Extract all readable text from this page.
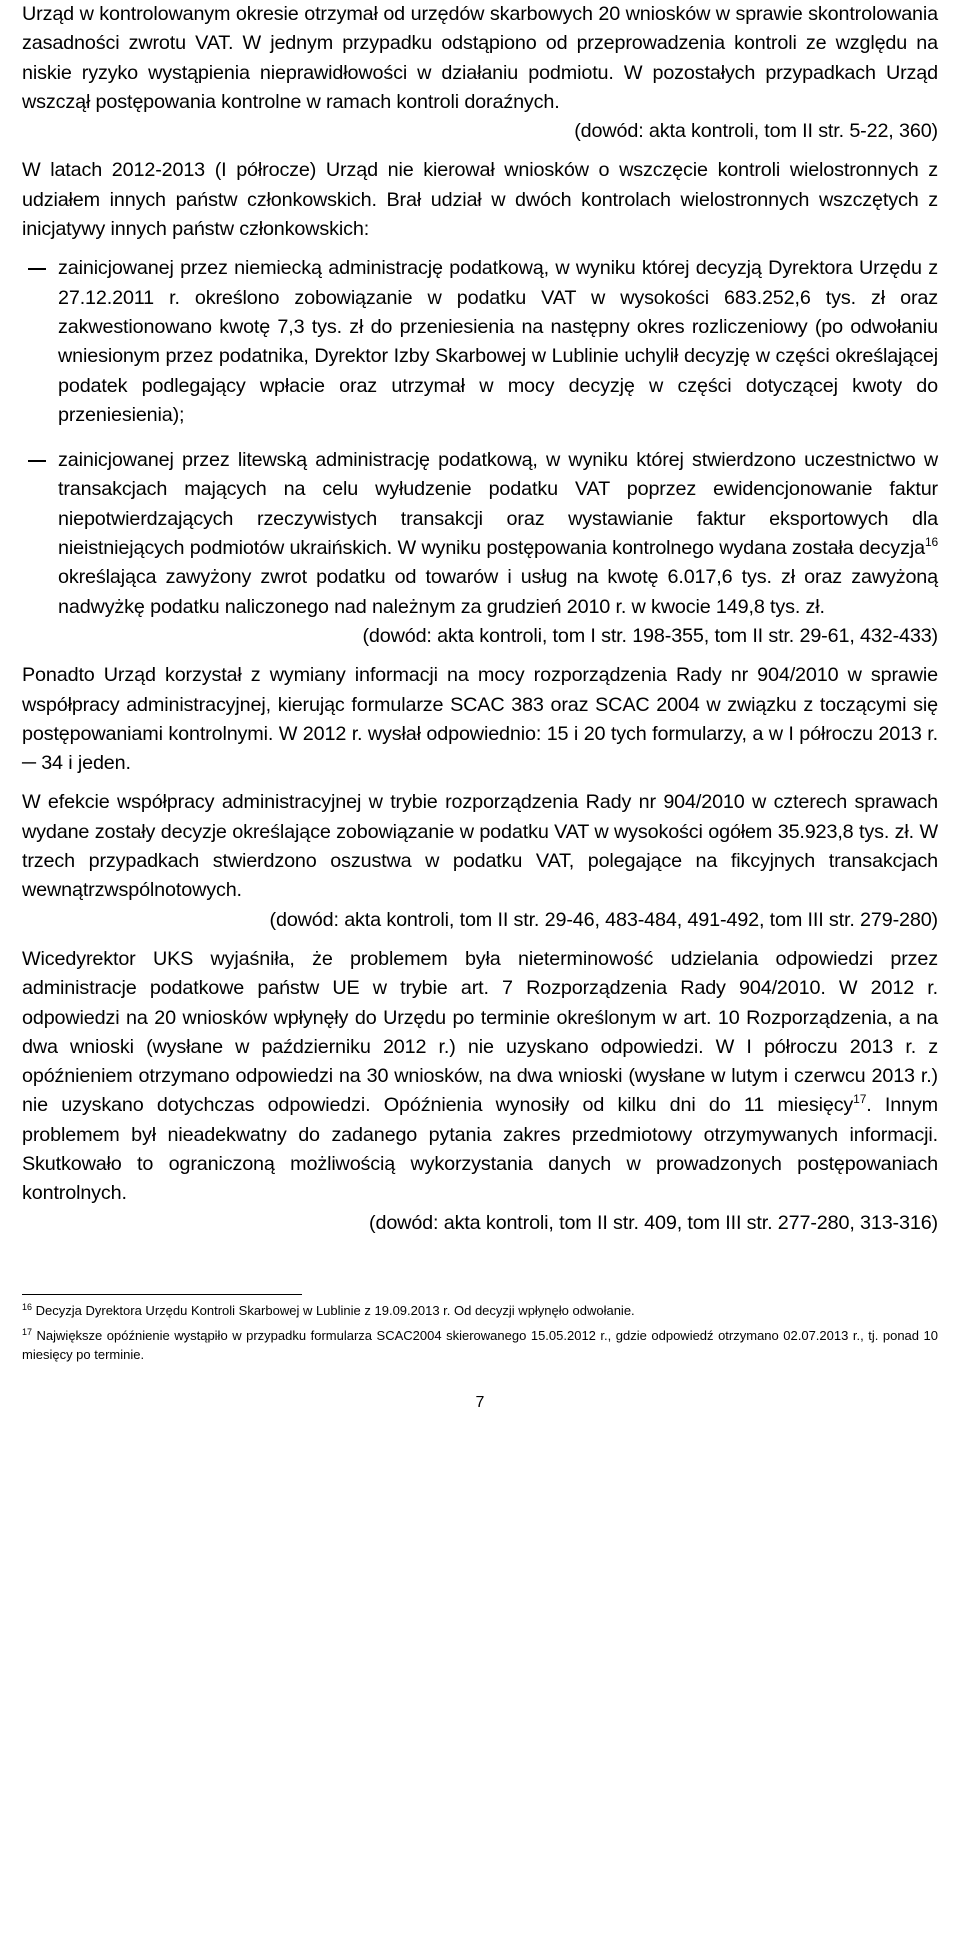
Urząd w kontrolowanym okresie otrzymał od urzędów skarbowych 20 wniosków w sprawie skontrolowania zasadności zwrotu VAT. W jednym przypadku odstąpiono od przeprowadzenia kontroli ze względu na niskie ryzyko wystąpienia nieprawidłowości w działaniu podmiotu. W pozostałych przypadkach Urząd wszczął postępowania kontrolne w ramach kontroli doraźnych.

(dowód: akta kontroli, tom II str. 5-22, 360)

W latach 2012-2013 (I półrocze) Urząd nie kierował wniosków o wszczęcie kontroli wielostronnych z udziałem innych państw członkowskich. Brał udział w dwóch kontrolach wielostronnych wszczętych z inicjatywy innych państw członkowskich:

zainicjowanej przez niemiecką administrację podatkową, w wyniku której decyzją Dyrektora Urzędu z 27.12.2011 r. określono zobowiązanie w podatku VAT w wysokości 683.252,6 tys. zł oraz zakwestionowano kwotę 7,3 tys. zł do przeniesienia na następny okres rozliczeniowy (po odwołaniu wniesionym przez podatnika, Dyrektor Izby Skarbowej w Lublinie uchylił decyzję w części określającej podatek podlegający wpłacie oraz utrzymał w mocy decyzję w części dotyczącej kwoty do przeniesienia);
zainicjowanej przez litewską administrację podatkową, w wyniku której stwierdzono uczestnictwo w transakcjach mających na celu wyłudzenie podatku VAT poprzez ewidencjonowanie faktur niepotwierdzających rzeczywistych transakcji oraz wystawianie faktur eksportowych dla nieistniejących podmiotów ukraińskich. W wyniku postępowania kontrolnego wydana została decyzja$^{16}$ określająca zawyżony zwrot podatku od towarów i usług na kwotę 6.017,6 tys. zł oraz zawyżoną nadwyżkę podatku naliczonego nad należnym za grudzień 2010 r. w kwocie 149,8 tys. zł.

(dowód: akta kontroli, tom I str. 198-355, tom II str. 29-61, 432-433)

Ponadto Urząd korzystał z wymiany informacji na mocy rozporządzenia Rady nr 904/2010 w sprawie współpracy administracyjnej, kierując formularze SCAC 383 oraz SCAC 2004 w związku z toczącymi się postępowaniami kontrolnymi. W 2012 r. wysłał odpowiednio: 15 i 20 tych formularzy, a w I półroczu 2013 r. ─ 34 i jeden.

W efekcie współpracy administracyjnej w trybie rozporządzenia Rady nr 904/2010 w czterech sprawach wydane zostały decyzje określające zobowiązanie w podatku VAT w wysokości ogółem 35.923,8 tys. zł. W trzech przypadkach stwierdzono oszustwa w podatku VAT, polegające na fikcyjnych transakcjach wewnątrzwspólnotowych.

(dowód: akta kontroli, tom II str. 29-46, 483-484, 491-492, tom III str. 279-280)

Wicedyrektor UKS wyjaśniła, że problemem była nieterminowość udzielania odpowiedzi przez administracje podatkowe państw UE w trybie art. 7 Rozporządzenia Rady 904/2010. W 2012 r. odpowiedzi na 20 wniosków wpłynęły do Urzędu po terminie określonym w art. 10 Rozporządzenia, a na dwa wnioski (wysłane w październiku 2012 r.) nie uzyskano odpowiedzi. W I półroczu 2013 r. z opóźnieniem otrzymano odpowiedzi na 30 wniosków, na dwa wnioski (wysłane w lutym i czerwcu 2013 r.) nie uzyskano dotychczas odpowiedzi. Opóźnienia wynosiły od kilku dni do 11 miesięcy$^{17}$. Innym problemem był nieadekwatny do zadanego pytania zakres przedmiotowy otrzymywanych informacji. Skutkowało to ograniczoną możliwością wykorzystania danych w prowadzonych postępowaniach kontrolnych.

(dowód: akta kontroli, tom II str. 409, tom III str. 277-280, 313-316)

$^{16}$ Decyzja Dyrektora Urzędu Kontroli Skarbowej w Lublinie z 19.09.2013 r. Od decyzji wpłynęło odwołanie.

$^{17}$ Największe opóźnienie wystąpiło w przypadku formularza SCAC2004 skierowanego 15.05.2012 r., gdzie odpowiedź otrzymano 02.07.2013 r., tj. ponad 10 miesięcy po terminie.

7
